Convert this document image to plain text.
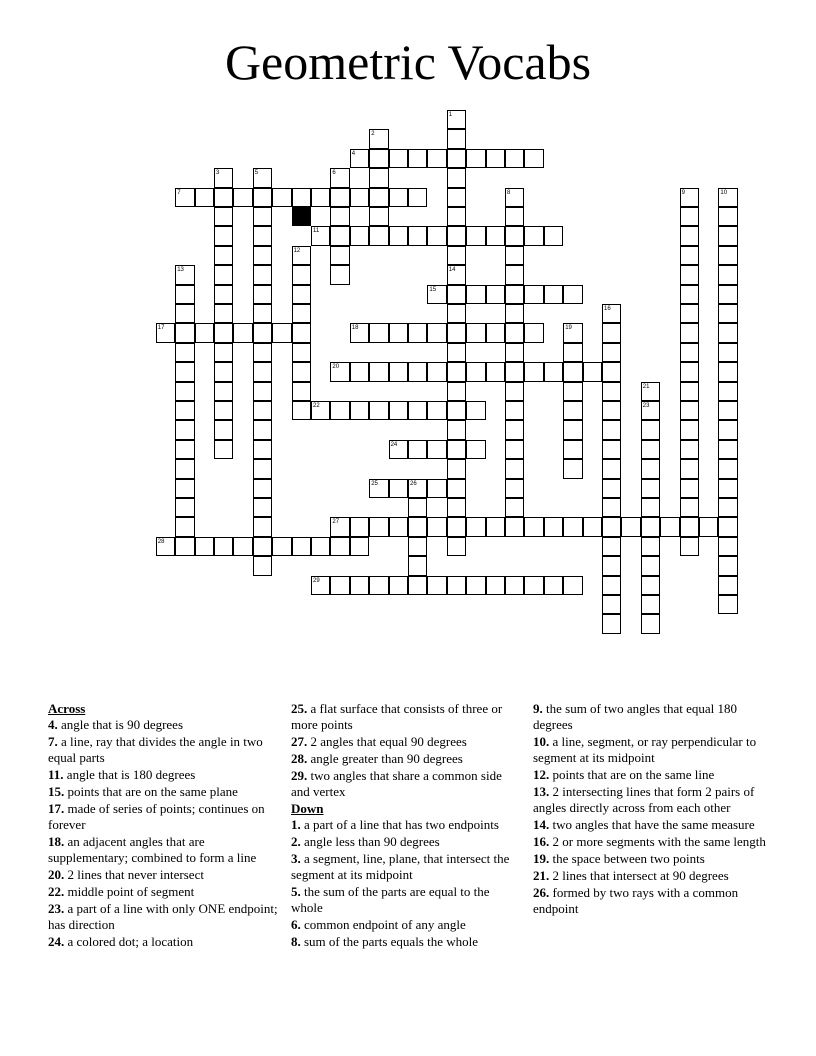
Geometric Vocabs
4
7
11
15
17	18
20
22
24
25
27
28
29
1
2
3	5	6
8	9	10
12
13	14
16
19
21
23
26
Across
4. angle that is 90 degrees
7. a line, ray that divides the angle in two equal parts
11. angle that is 180 degrees
15. points that are on the same plane
17. made of series of points; continues on forever
18. an adjacent angles that are supplementary; combined to form a line
20. 2 lines that never intersect
22. middle point of segment
23. a part of a line with only ONE endpoint; has direction
24. a colored dot; a location
25. a flat surface that consists of three or more points
27. 2 angles that equal 90 degrees
28. angle greater than 90 degrees
29. two angles that share a common side and vertex
Down
1. a part of a line that has two endpoints
2. angle less than 90 degrees
3. a segment, line, plane, that intersect the segment at its midpoint
5. the sum of the parts are equal to the whole
6. common endpoint of any angle
8. sum of the parts equals the whole
9. the sum of two angles that equal 180 degrees
10. a line, segment, or ray perpendicular to segment at its midpoint
12. points that are on the same line
13. 2 intersecting lines that form 2 pairs of angles directly across from each other
14. two angles that have the same measure
16. 2 or more segments with the same length
19. the space between two points
21. 2 lines that intersect at 90 degrees
26. formed by two rays with a common endpoint
